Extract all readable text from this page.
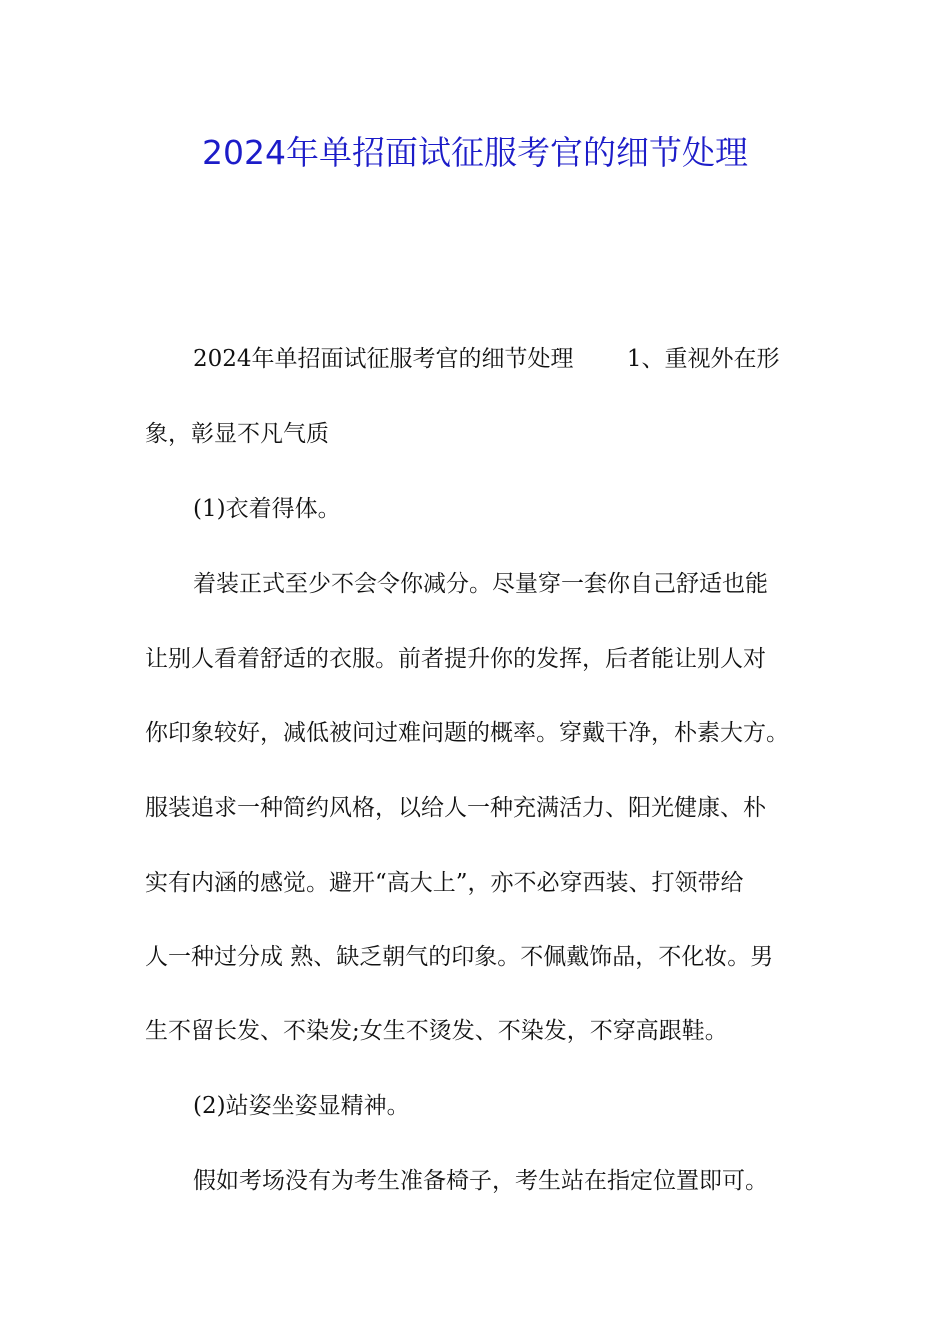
2024年单招面试征服考官的细节处理

2024年单招面试征服考官的细节处理　　 1、重视外在形

象，彰显不凡气质

(1)衣着得体。

着装正式至少不会令你减分。尽量穿一套你自己舒适也能

让别人看着舒适的衣服。前者提升你的发挥，后者能让别人对

你印象较好，减低被问过难问题的概率。穿戴干净，朴素大方。

服装追求一种简约风格，以给人一种充满活力、阳光健康、朴

实有内涵的感觉。避开“高大上”，亦不必穿西装、打领带给

人一种过分成 熟、缺乏朝气的印象。不佩戴饰品，不化妆。男

生不留长发、不染发;女生不烫发、不染发，不穿高跟鞋。

(2)站姿坐姿显精神。

假如考场没有为考生准备椅子，考生站在指定位置即可。
